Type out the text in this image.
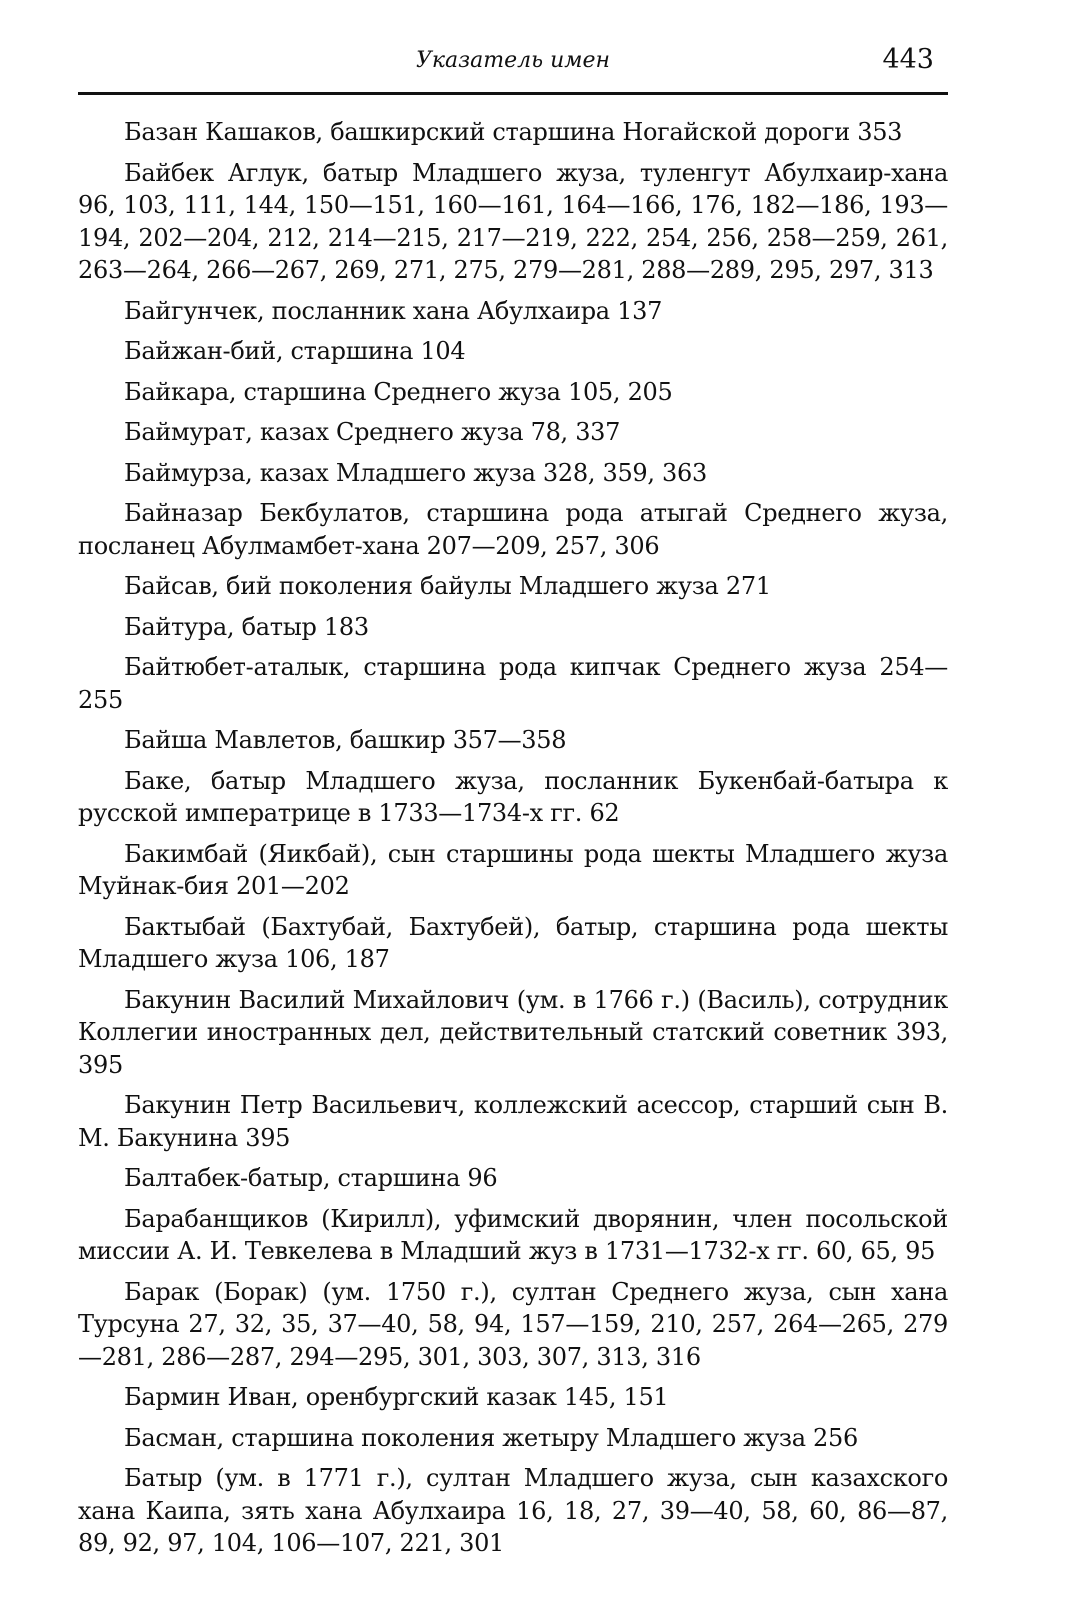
Указатель имен	443

Базан Кашаков, башкирский старшина Ногайской дороги 353

Байбек Аглук, батыр Младшего жуза, туленгут Абулхаир-хана 96, 103, 111, 144, 150—151, 160—161, 164—166, 176, 182—186, 193—194, 202—204, 212, 214—215, 217—219, 222, 254, 256, 258—259, 261, 263—264, 266—267, 269, 271, 275, 279—281, 288—289, 295, 297, 313

Байгунчек, посланник хана Абулхаира 137

Байжан-бий, старшина 104

Байкара, старшина Среднего жуза 105, 205

Баймурат, казах Среднего жуза 78, 337

Баймурза, казах Младшего жуза 328, 359, 363

Байназар Бекбулатов, старшина рода атыгай Среднего жуза, посланец Абулмамбет-хана 207—209, 257, 306

Байсав, бий поколения байулы Младшего жуза 271

Байтура, батыр 183

Байтюбет-аталык, старшина рода кипчак Среднего жуза 254—255

Байша Мавлетов, башкир 357—358

Баке, батыр Младшего жуза, посланник Букенбай-батыра к русской императрице в 1733—1734-х гг. 62

Бакимбай (Яикбай), сын старшины рода шекты Младшего жуза Муйнак-бия 201—202

Бактыбай (Бахтубай, Бахтубей), батыр, старшина рода шекты Младшего жуза 106, 187

Бакунин Василий Михайлович (ум. в 1766 г.) (Василь), сотрудник Коллегии иностранных дел, действительный статский советник 393, 395

Бакунин Петр Васильевич, коллежский асессор, старший сын В. М. Бакунина 395

Балтабек-батыр, старшина 96

Барабанщиков (Кирилл), уфимский дворянин, член посольской миссии А. И. Тевкелева в Младший жуз в 1731—1732-х гг. 60, 65, 95

Барак (Борак) (ум. 1750 г.), султан Среднего жуза, сын хана Турсуна 27, 32, 35, 37—40, 58, 94, 157—159, 210, 257, 264—265, 279—281, 286—287, 294—295, 301, 303, 307, 313, 316

Бармин Иван, оренбургский казак 145, 151

Басман, старшина поколения жетыру Младшего жуза 256

Батыр (ум. в 1771 г.), султан Младшего жуза, сын казахского хана Каипа, зять хана Абулхаира 16, 18, 27, 39—40, 58, 60, 86—87, 89, 92, 97, 104, 106—107, 221, 301
